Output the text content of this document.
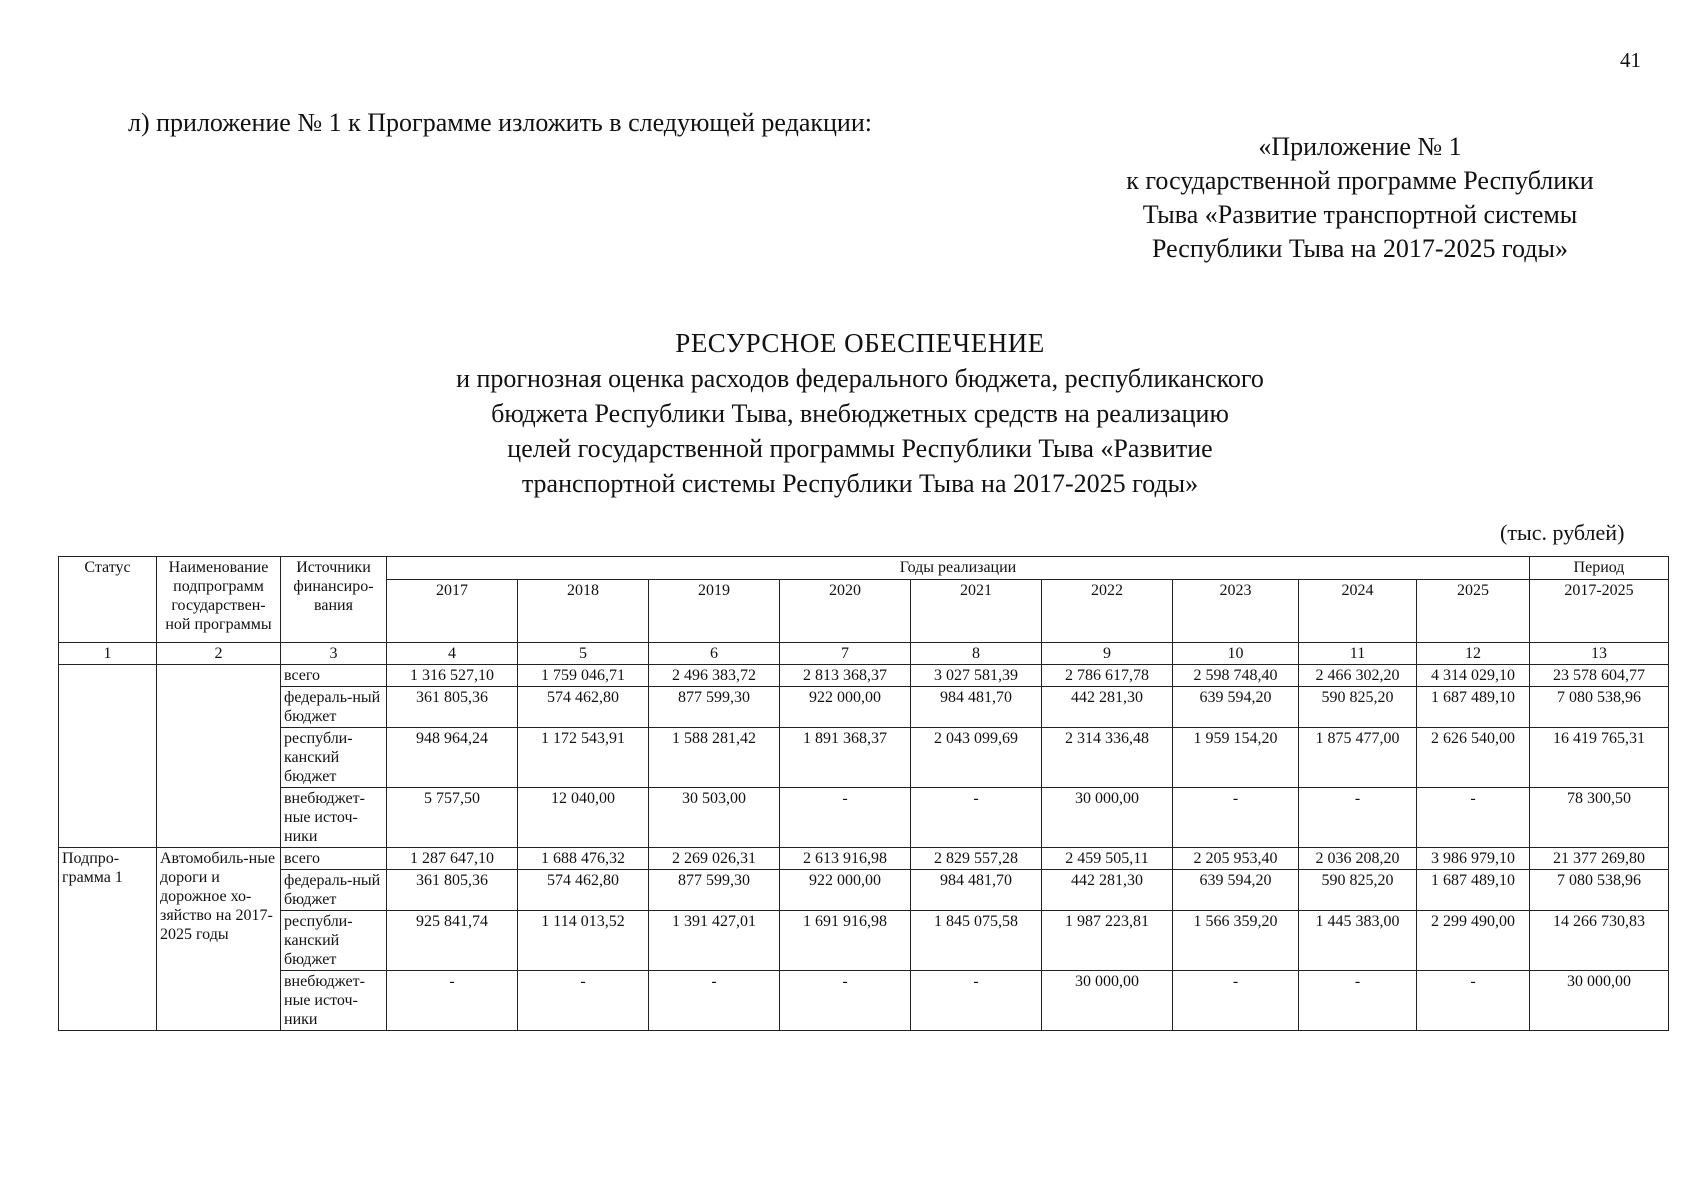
41
л) приложение № 1 к Программе изложить в следующей редакции:
«Приложение № 1
к государственной программе Республики
Тыва «Развитие транспортной системы
Республики Тыва на 2017-2025 годы»
РЕСУРСНОЕ ОБЕСПЕЧЕНИЕ
и прогнозная оценка расходов федерального бюджета, республиканского
бюджета Республики Тыва, внебюджетных средств на реализацию
целей государственной программы Республики Тыва «Развитие
транспортной системы Республики Тыва на 2017-2025 годы»
(тыс. рублей)
Статус	Наименование подпрограмм государствен-ной программы	Источники финансиро-вания	Годы реализации									Период
			2017	2018	2019	2020	2021	2022	2023	2024	2025	2017-2025
1	2	3	4	5	6	7	8	9	10	11	12	13
		всего	1 316 527,10	1 759 046,71	2 496 383,72	2 813 368,37	3 027 581,39	2 786 617,78	2 598 748,40	2 466 302,20	4 314 029,10	23 578 604,77
		федераль-ный бюджет	361 805,36	574 462,80	877 599,30	922 000,00	984 481,70	442 281,30	639 594,20	590 825,20	1 687 489,10	7 080 538,96
		республи-канский бюджет	948 964,24	1 172 543,91	1 588 281,42	1 891 368,37	2 043 099,69	2 314 336,48	1 959 154,20	1 875 477,00	2 626 540,00	16 419 765,31
		внебюджет-ные источ-ники	5 757,50	12 040,00	30 503,00	-	-	30 000,00	-	-	-	78 300,50
Подпро-грамма 1	Автомобиль-ные дороги и дорожное хо-зяйство на 2017-2025 годы	всего	1 287 647,10	1 688 476,32	2 269 026,31	2 613 916,98	2 829 557,28	2 459 505,11	2 205 953,40	2 036 208,20	3 986 979,10	21 377 269,80
		федераль-ный бюджет	361 805,36	574 462,80	877 599,30	922 000,00	984 481,70	442 281,30	639 594,20	590 825,20	1 687 489,10	7 080 538,96
		республи-канский бюджет	925 841,74	1 114 013,52	1 391 427,01	1 691 916,98	1 845 075,58	1 987 223,81	1 566 359,20	1 445 383,00	2 299 490,00	14 266 730,83
		внебюджет-ные источ-ники	-	-	-	-	-	30 000,00	-	-	-	30 000,00
